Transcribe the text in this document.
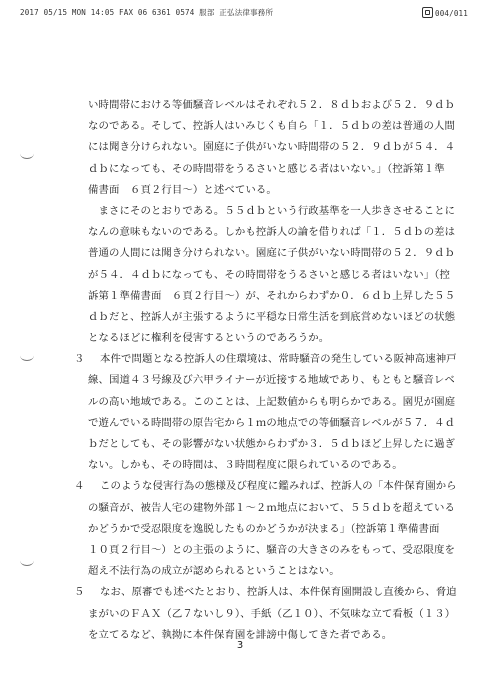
2017 05/15 MON 14:05 FAX 06 6361 0574 服部 正弘法律事務所	004/011
い時間帯における等価騒音レベルはそれぞれ５２．８ｄｂおよび５２．９ｄｂ
なのである。そして、控訴人はいみじくも自ら「１．５ｄｂの差は普通の人間
には聞き分けられない。園庭に子供がいない時間帯の５２．９ｄｂが５４．４
ｄｂになっても、その時間帯をうるさいと感じる者はいない。」（控訴第１準
備書面　６頁２行目〜）と述べている。
まさにそのとおりである。５５ｄｂという行政基準を一人歩きさせることに
なんの意味もないのである。しかも控訴人の論を借りれば「１．５ｄｂの差は
普通の人間には聞き分けられない。園庭に子供がいない時間帯の５２．９ｄｂ
が５４．４ｄｂになっても、その時間帯をうるさいと感じる者はいない」（控
訴第１準備書面　６頁２行目〜）が、それからわずか０．６ｄｂ上昇した５５
ｄｂだと、控訴人が主張するように平穏な日常生活を到底営めないほどの状態
となるほどに権利を侵害するというのであろうか。
３	本件で問題となる控訴人の住環境は、常時騒音の発生している阪神高速神戸
線、国道４３号線及び六甲ライナーが近接する地域であり、もともと騒音レベ
ルの高い地域である。このことは、上記数値からも明らかである。園児が園庭
で遊んでいる時間帯の原告宅から１ｍの地点での等価騒音レベルが５７．４ｄ
ｂだとしても、その影響がない状態からわずか３．５ｄｂほど上昇したに過ぎ
ない。しかも、その時間は、３時間程度に限られているのである。
４	このような侵害行為の態様及び程度に鑑みれば、控訴人の「本件保育園から
の騒音が、被告人宅の建物外部１〜２ｍ地点において、５５ｄｂを超えている
かどうかで受忍限度を逸脱したものかどうかが決まる」（控訴第１準備書面
１０頁２行目〜）との主張のように、騒音の大きさのみをもって、受忍限度を
超え不法行為の成立が認められるということはない。
５	なお、原審でも述べたとおり、控訴人は、本件保育園開設し直後から、脅迫
まがいのＦＡＸ（乙７ないし９）、手紙（乙１０）、不気味な立て看板（１３）
を立てるなど、執拗に本件保育園を誹謗中傷してきた者である。
3
